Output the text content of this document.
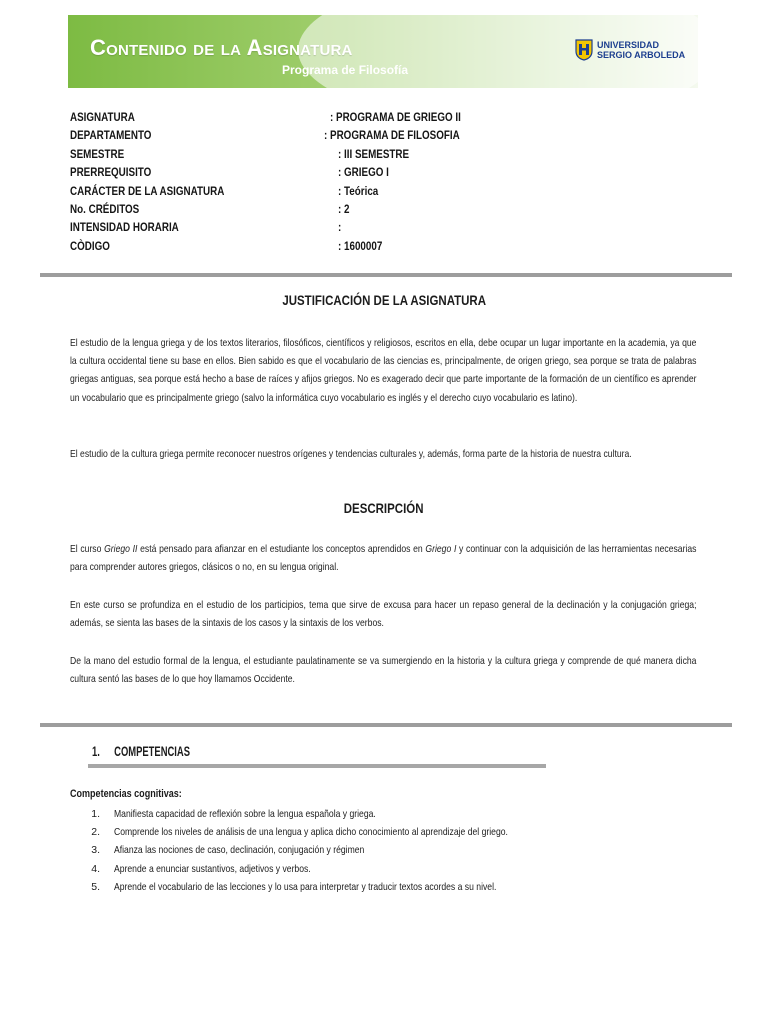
Contenido de la Asignatura

Programa de Filosofía

UNIVERSIDAD
SERGIO ARBOLEDA
ASIGNATURA	: PROGRAMA DE GRIEGO II
DEPARTAMENTO	: PROGRAMA DE FILOSOFIA
SEMESTRE	: III SEMESTRE
PRERREQUISITO	: GRIEGO I
CARÁCTER DE LA ASIGNATURA	: Teórica
No. CRÉDITOS	: 2
INTENSIDAD HORARIA	:
CÒDIGO	: 1600007
JUSTIFICACIÓN DE LA ASIGNATURA
El estudio de la lengua griega y de los textos literarios, filosóficos, científicos y religiosos, escritos en ella, debe ocupar un lugar importante en la academia, ya que la cultura occidental tiene su base en ellos. Bien sabido es que el vocabulario de las ciencias es, principalmente, de origen griego, sea porque se trata de palabras griegas antiguas, sea porque está hecho a base de raíces y afijos griegos. No es exagerado decir que parte importante de la formación de un científico es aprender un vocabulario que es principalmente griego (salvo la informática cuyo vocabulario es inglés y el derecho cuyo vocabulario es latino).
El estudio de la cultura griega permite reconocer nuestros orígenes y tendencias culturales y, además, forma parte de la historia de nuestra cultura.
DESCRIPCIÓN
El curso Griego II está pensado para afianzar en el estudiante los conceptos aprendidos en Griego I y continuar con la adquisición de las herramientas necesarias para comprender autores griegos, clásicos o no, en su lengua original.
En este curso se profundiza en el estudio de los participios, tema que sirve de excusa para hacer un repaso general de la declinación y la conjugación griega; además, se sienta las bases de la sintaxis de los casos y la sintaxis de los verbos.
De la mano del estudio formal de la lengua, el estudiante paulatinamente se va sumergiendo en la historia y la cultura griega y comprende de qué manera dicha cultura sentó las bases de lo que hoy llamamos Occidente.
1. COMPETENCIAS

Competencias cognitivas:

1.	Manifiesta capacidad de reflexión sobre la lengua española y griega.
2.	Comprende los niveles de análisis de una lengua y aplica dicho conocimiento al aprendizaje del griego.
3.	Afianza las nociones de caso, declinación, conjugación y régimen
4.	Aprende a enunciar sustantivos, adjetivos y verbos.
5.	Aprende el vocabulario de las lecciones y lo usa para interpretar y traducir textos acordes a su nivel.
